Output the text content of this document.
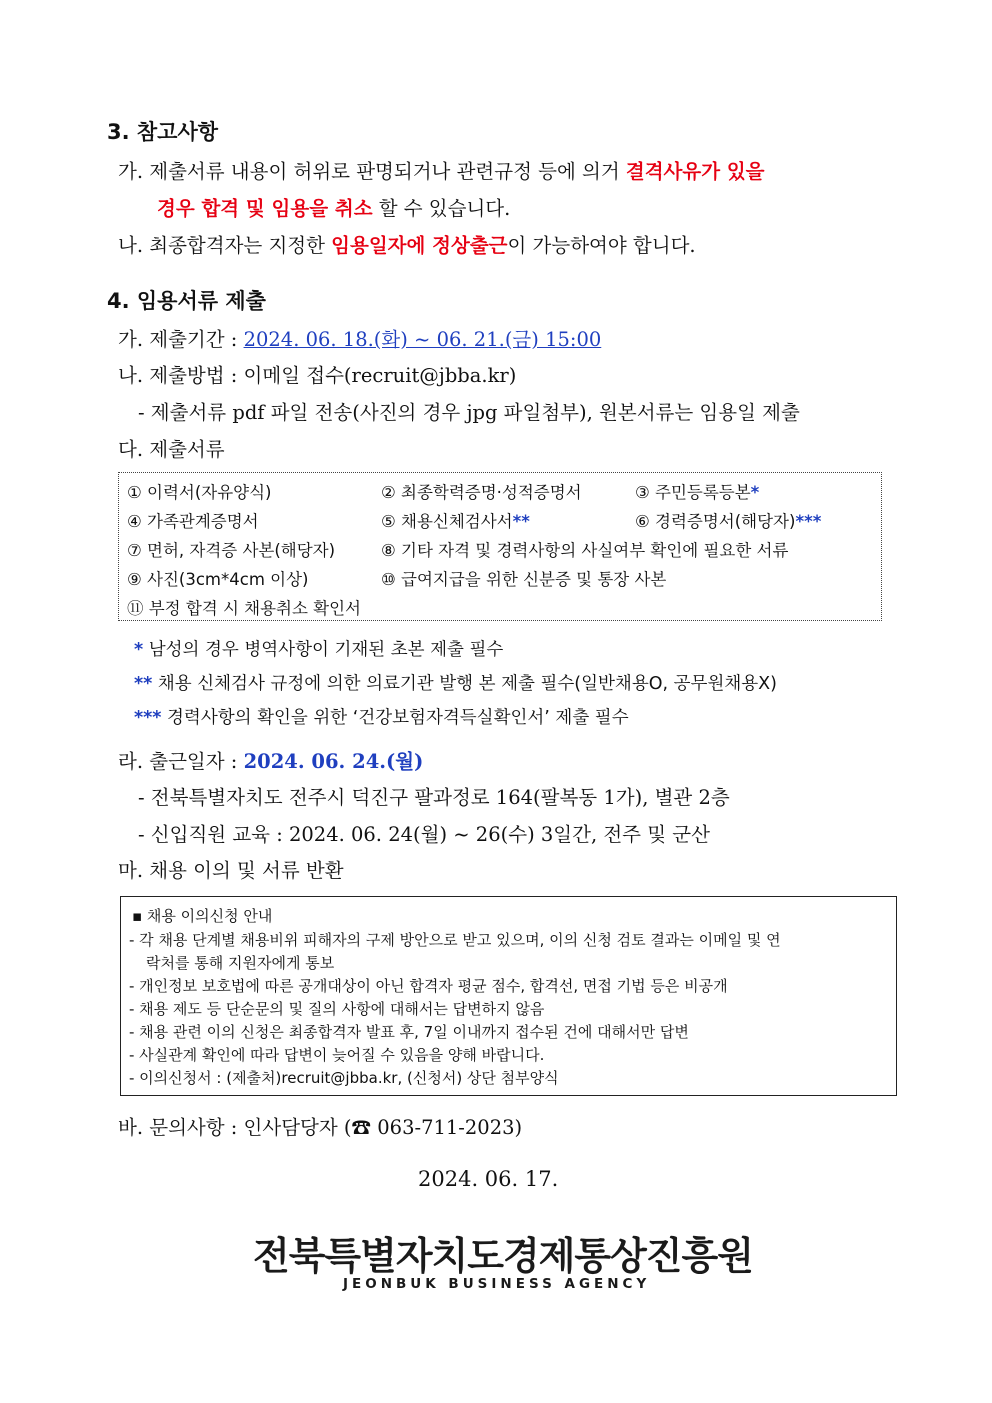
3. 참고사항
가. 제출서류 내용이 허위로 판명되거나 관련규정 등에 의거 결격사유가 있을
경우 합격 및 임용을 취소 할 수 있습니다.
나. 최종합격자는 지정한 임용일자에 정상출근이 가능하여야 합니다.
4. 임용서류 제출
가. 제출기간 : 2024. 06. 18.(화) ~ 06. 21.(금) 15:00
나. 제출방법 : 이메일 접수(recruit@jbba.kr)
- 제출서류 pdf 파일 전송(사진의 경우 jpg 파일첨부), 원본서류는 임용일 제출
다. 제출서류
① 이력서(자유양식)	② 최종학력증명·성적증명서	③ 주민등록등본*
④ 가족관계증명서	⑤ 채용신체검사서**	⑥ 경력증명서(해당자)***
⑦ 면허, 자격증 사본(해당자)	⑧ 기타 자격 및 경력사항의 사실여부 확인에 필요한 서류
⑨ 사진(3cm*4cm 이상)	⑩ 급여지급을 위한 신분증 및 통장 사본
⑪ 부정 합격 시 채용취소 확인서
* 남성의 경우 병역사항이 기재된 초본 제출 필수
** 채용 신체검사 규정에 의한 의료기관 발행 본 제출 필수(일반채용O, 공무원채용X)
*** 경력사항의 확인을 위한 ‘건강보험자격득실확인서’ 제출 필수
라. 출근일자 : 2024. 06. 24.(월)
- 전북특별자치도 전주시 덕진구 팔과정로 164(팔복동 1가), 별관 2층
- 신입직원 교육 : 2024. 06. 24(월) ~ 26(수) 3일간, 전주 및 군산
마. 채용 이의 및 서류 반환
▪ 채용 이의신청 안내
- 각 채용 단계별 채용비위 피해자의 구제 방안으로 받고 있으며, 이의 신청 검토 결과는 이메일 및 연
락처를 통해 지원자에게 통보
- 개인정보 보호법에 따른 공개대상이 아닌 합격자 평균 점수, 합격선, 면접 기법 등은 비공개
- 채용 제도 등 단순문의 및 질의 사항에 대해서는 답변하지 않음
- 채용 관련 이의 신청은 최종합격자 발표 후, 7일 이내까지 접수된 건에 대해서만 답변
- 사실관계 확인에 따라 답변이 늦어질 수 있음을 양해 바랍니다.
- 이의신청서 : (제출처)recruit@jbba.kr, (신청서) 상단 첨부양식
바. 문의사항 : 인사담당자 (☎ 063-711-2023)
2024. 06. 17.
전북특별자치도경제통상진흥원
JEONBUK BUSINESS AGENCY
